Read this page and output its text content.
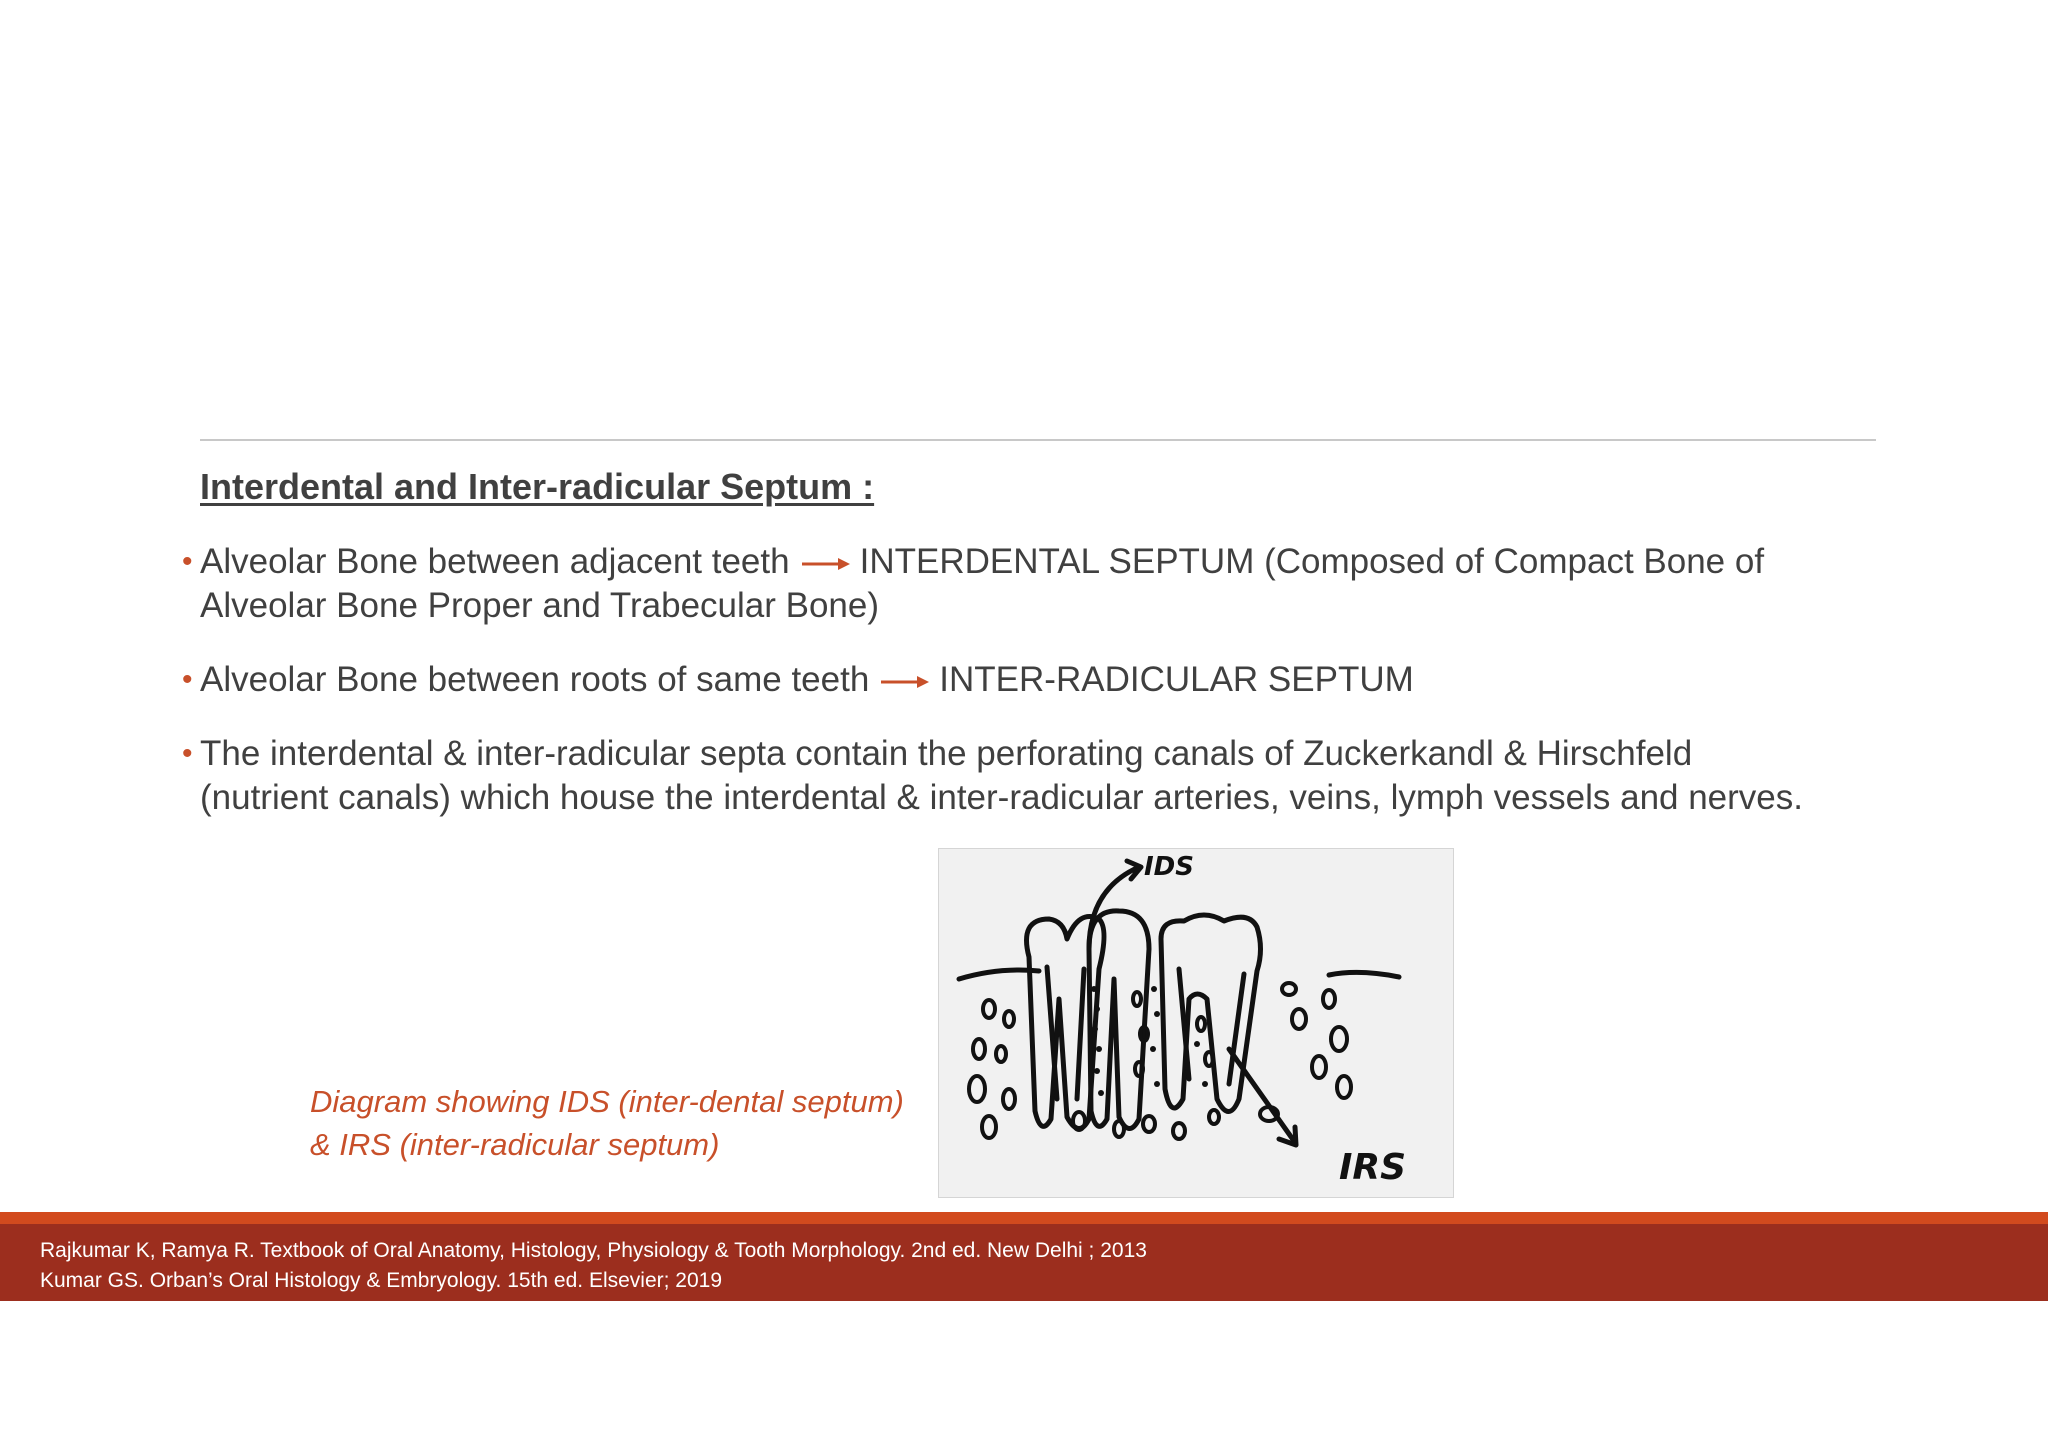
Interdental and Inter-radicular Septum :
• Alveolar Bone between adjacent teeth INTERDENTAL SEPTUM (Composed of Compact Bone of
Alveolar Bone Proper and Trabecular Bone)
• Alveolar Bone between roots of same teeth INTER-RADICULAR SEPTUM
• The interdental & inter-radicular septa contain the perforating canals of Zuckerkandl & Hirschfeld
(nutrient canals) which house the interdental & inter-radicular arteries, veins, lymph vessels and nerves.
IDS
IRS
Diagram showing IDS (inter-dental septum)
& IRS (inter-radicular septum)
Rajkumar K, Ramya R. Textbook of Oral Anatomy, Histology, Physiology & Tooth Morphology. 2nd ed. New Delhi ; 2013
Kumar GS. Orban’s Oral Histology & Embryology. 15th ed. Elsevier; 2019
